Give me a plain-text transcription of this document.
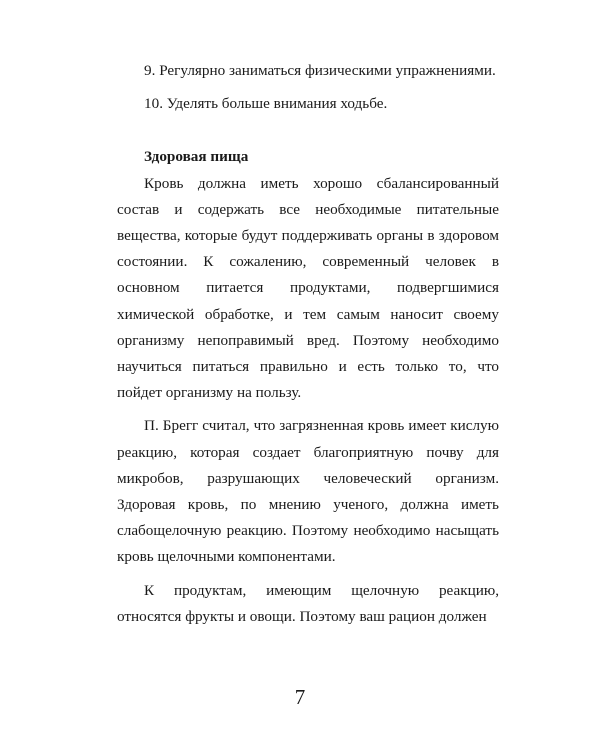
9. Регулярно заниматься физическими упражнениями.

10. Уделять больше внимания ходьбе.

Здоровая пища

Кровь должна иметь хорошо сбалансированный состав и содержать все необходимые питательные вещества, которые будут поддерживать органы в здоровом состоянии. К сожалению, современный человек в основном питается продуктами, подвергшимися химической обработке, и тем самым наносит своему организму непоправимый вред. Поэтому необходимо научиться питаться правильно и есть только то, что пойдет организму на пользу.

П. Брегг считал, что загрязненная кровь имеет кислую реакцию, которая создает благоприятную почву для микробов, разрушающих человеческий организм. Здоровая кровь, по мнению ученого, должна иметь слабощелочную реакцию. Поэтому необходимо насыщать кровь щелочными компонентами.

К продуктам, имеющим щелочную реакцию, относятся фрукты и овощи. Поэтому ваш рацион должен

7
